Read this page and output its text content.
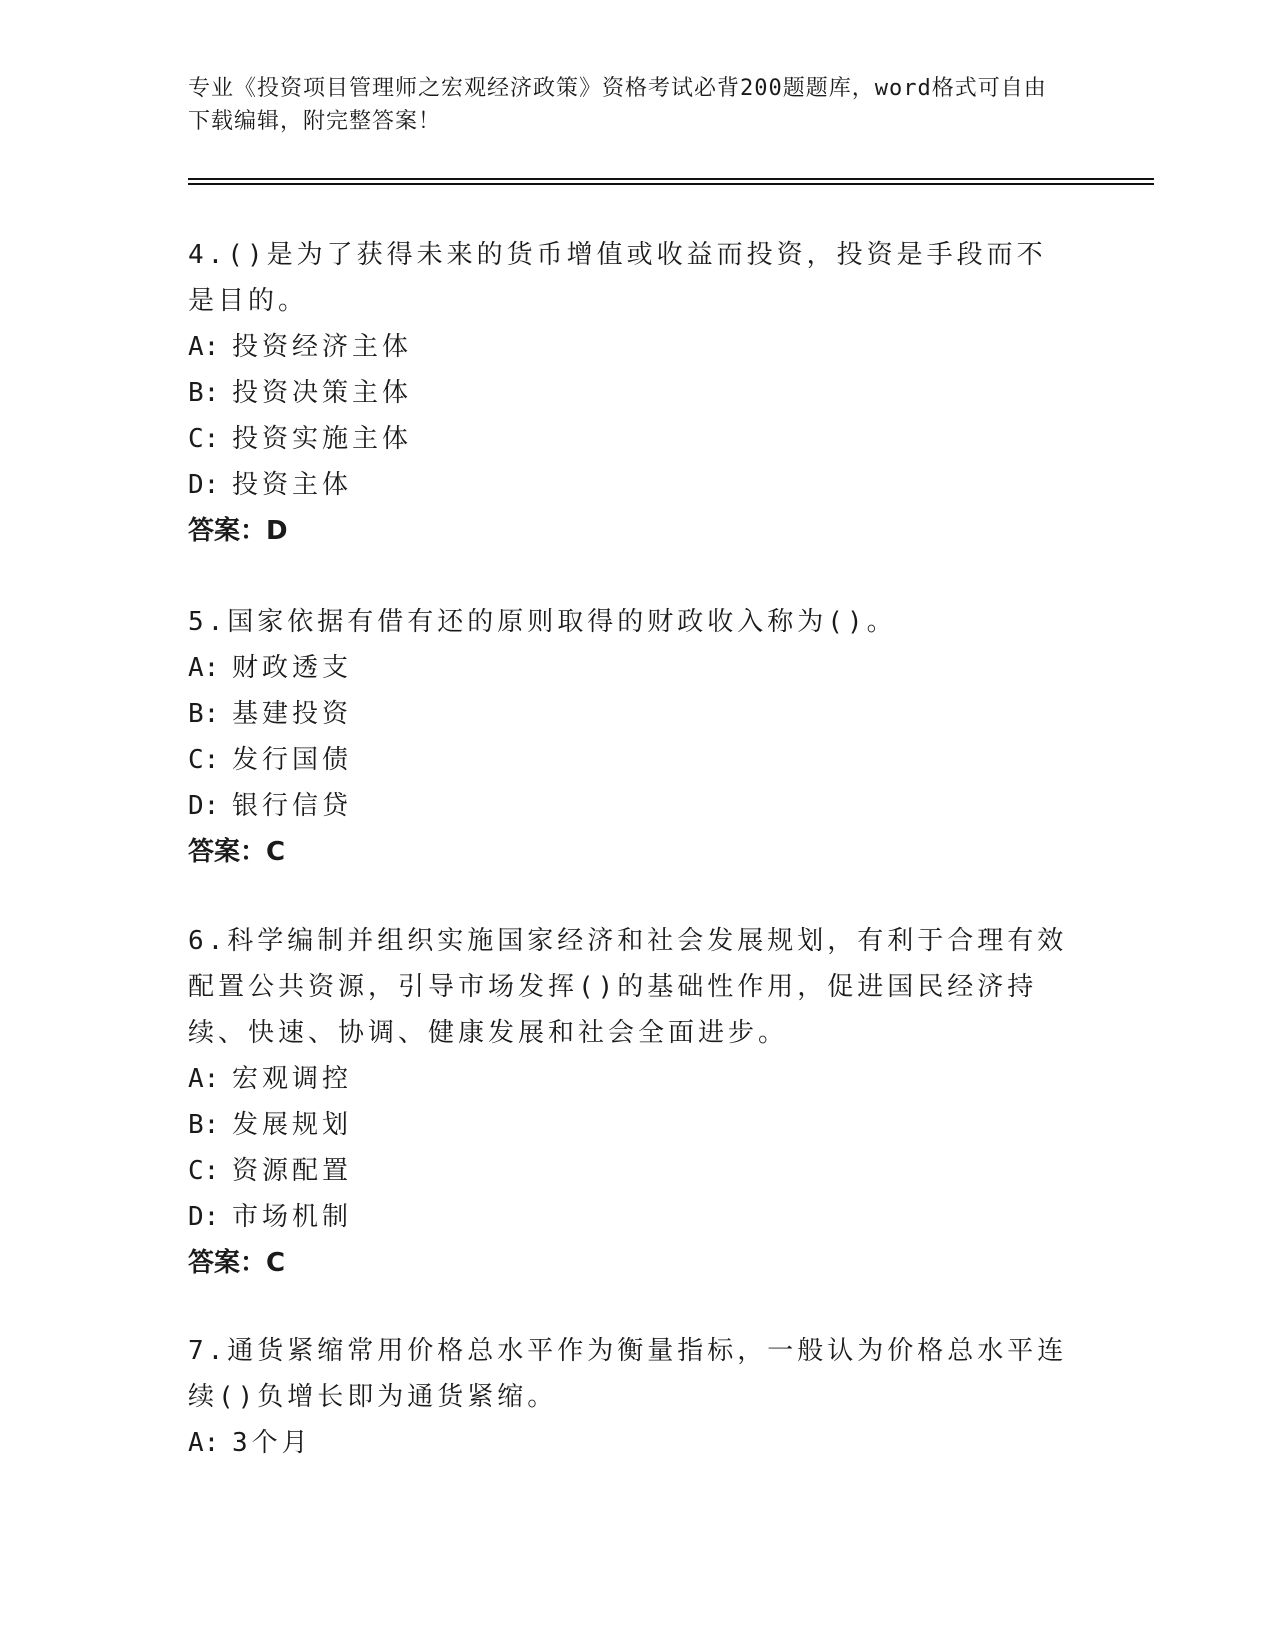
专业《投资项目管理师之宏观经济政策》资格考试必背200题题库，word格式可自由下载编辑，附完整答案！

4.()是为了获得未来的货币增值或收益而投资，投资是手段而不是目的。

A: 投资经济主体

B: 投资决策主体

C: 投资实施主体

D: 投资主体

答案：D

5.国家依据有借有还的原则取得的财政收入称为()。

A: 财政透支

B: 基建投资

C: 发行国债

D: 银行信贷

答案：C

6.科学编制并组织实施国家经济和社会发展规划，有利于合理有效配置公共资源，引导市场发挥()的基础性作用，促进国民经济持续、快速、协调、健康发展和社会全面进步。

A: 宏观调控

B: 发展规划

C: 资源配置

D: 市场机制

答案：C

7.通货紧缩常用价格总水平作为衡量指标，一般认为价格总水平连续()负增长即为通货紧缩。

A: 3个月
